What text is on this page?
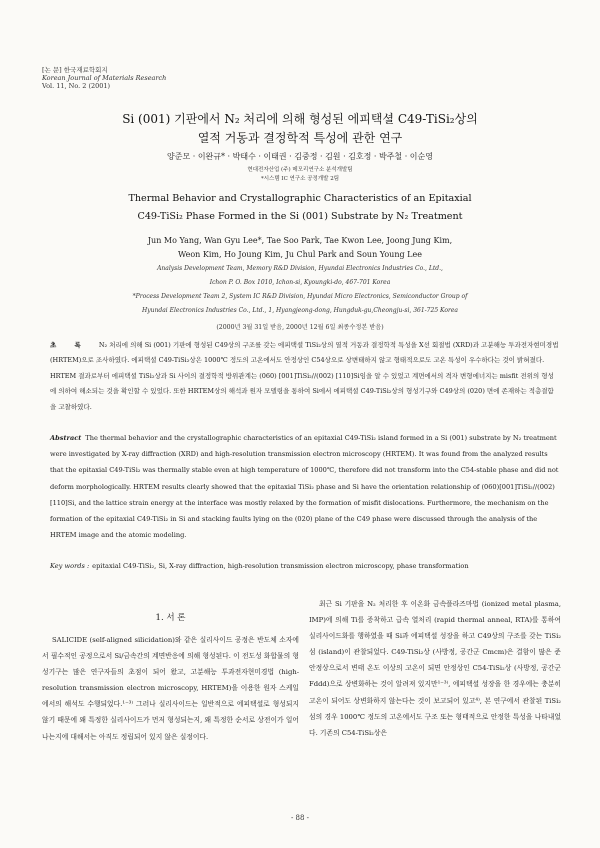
[논 문] 한국재료학회지
Korean Journal of Materials Research
Vol. 11, No. 2 (2001)
Si (001) 기판에서 N₂ 처리에 의해 형성된 에피택셜 C49-TiSi₂상의
열적 거동과 결정학적 특성에 관한 연구
양준모 · 이완규* · 박태수 · 이태권 · 김중정 · 김원 · 김호정 · 박주철 · 이순영
현대전자산업 (주) 메모리연구소 분석개발팀
*시스템 IC 연구소 공정개발 2팀
Thermal Behavior and Crystallographic Characteristics of an Epitaxial
C49-TiSi₂ Phase Formed in the Si (001) Substrate by N₂ Treatment
Jun Mo Yang, Wan Gyu Lee*, Tae Soo Park, Tae Kwon Lee, Joong Jung Kim,
Weon Kim, Ho Joung Kim, Ju Chul Park and Soun Young Lee
Analysis Development Team, Memory R&D Division, Hyundai Electronics Industries Co., Ltd.,
Ichon P. O. Box 1010, Ichon-si, Kyoungki-do, 467-701 Korea
*Process Development Team 2, System IC R&D Division, Hyundai Micro Electronics, Semiconductor Group of
Hyundai Electronics Industries Co., Ltd., 1, Hyangjeong-dong, Hungduk-gu,Cheongju-si, 361-725 Korea
(2000년 3월 31일 받음, 2000년 12월 6일 최종수정본 받음)
초 록 N₂ 처리에 의해 Si (001) 기판에 형성된 C49상의 구조를 갖는 에피택셜 TiSi₂상의 열적 거동과 결정학적 특성을 X선 회절법 (XRD)과 고분해능 투과전자현미경법 (HRTEM)으로 조사하였다. 에피택셜 C49-TiSi₂상은 1000℃ 정도의 고온에서도 안정상인 C54상으로 상변태하지 않고 형태적으로도 고온 특성이 우수하다는 것이 밝혀졌다. HRTEM 결과로부터 에피택셜 TiSi₂상과 Si 사이의 결정학적 방위관계는 (060) [001]TiSi₂//(002) [110]Si임을 알 수 있었고 계면에서의 격자 변형에너지는 misfit 전위의 형성에 의하여 해소되는 것을 확인할 수 있었다. 또한 HRTEM상의 해석과 원자 모델링을 통하여 Si에서 에피택셜 C49-TiSi₂상의 형성기구와 C49상의 (020) 면에 존재하는 적층결함을 고찰하였다.
Abstract The thermal behavior and the crystallographic characteristics of an epitaxial C49-TiSi₂ island formed in a Si (001) substrate by N₂ treatment were investigated by X-ray diffraction (XRD) and high-resolution transmission electron microscopy (HRTEM). It was found from the analyzed results that the epitaxial C49-TiSi₂ was thermally stable even at high temperature of 1000℃, therefore did not transform into the C54-stable phase and did not deform morphologically. HRTEM results clearly showed that the epitaxial TiSi₂ phase and Si have the orientation relationship of (060)[001]TiSi₂//(002)[110]Si, and the lattice strain energy at the interface was mostly relaxed by the formation of misfit dislocations. Furthermore, the mechanism on the formation of the epitaxial C49-TiSi₂ in Si and stacking faults lying on the (020) plane of the C49 phase were discussed through the analysis of the HRTEM image and the atomic modeling.
Key words : epitaxial C49-TiSi₂, Si, X-ray diffraction, high-resolution transmission electron microscopy, phase transformation
1. 서 론
SALICIDE (self-aligned silicidation)와 같은 실리사이드 공정은 반도체 소자에서 필수적인 공정으로서 Si/금속간의 계면반응에 의해 형성된다. 이 전도성 화합물의 형성기구는 많은 연구자들의 초점이 되어 왔고, 고분해능 투과전자현미경법 (high-resolution transmission electron microscopy, HRTEM)을 이용한 원자 스케일에서의 해석도 수행되었다.¹⁻³⁾ 그러나 실리사이드는 일반적으로 에피택셜로 형성되지 않기 때문에 왜 특정한 실리사이드가 먼저 형성되는지, 왜 특정한 순서로 상전이가 일어나는지에 대해서는 아직도 정립되어 있지 않은 실정이다.
최근 Si 기판을 N₂ 처리한 후 이온화 금속플라즈마법 (ionized metal plasma, IMP)에 의해 Ti를 증착하고 급속 열처리 (rapid thermal anneal, RTA)를 통하여 실리사이드화를 행하였을 때 Si과 에피택셜 성장을 하고 C49상의 구조를 갖는 TiSi₂섬 (island)이 관찰되었다. C49-TiSi₂상 (사방정, 공간군 Cmcm)은 결함이 많은 준안정상으로서 변태 온도 이상의 고온이 되면 안정상인 C54-TiSi₂상 (사방정, 공간군 Fddd)으로 상변화하는 것이 알려져 있지만¹⁻³⁾, 에피택셜 성장을 한 경우에는 충분히 고온이 되어도 상변화하지 않는다는 것이 보고되어 있고⁴⁾, 본 연구에서 관찰된 TiSi₂섬의 경우 1000℃ 정도의 고온에서도 구조 또는 형태적으로 안정한 특성을 나타내었다. 기존의 C54-TiSi₂상은
- 88 -
